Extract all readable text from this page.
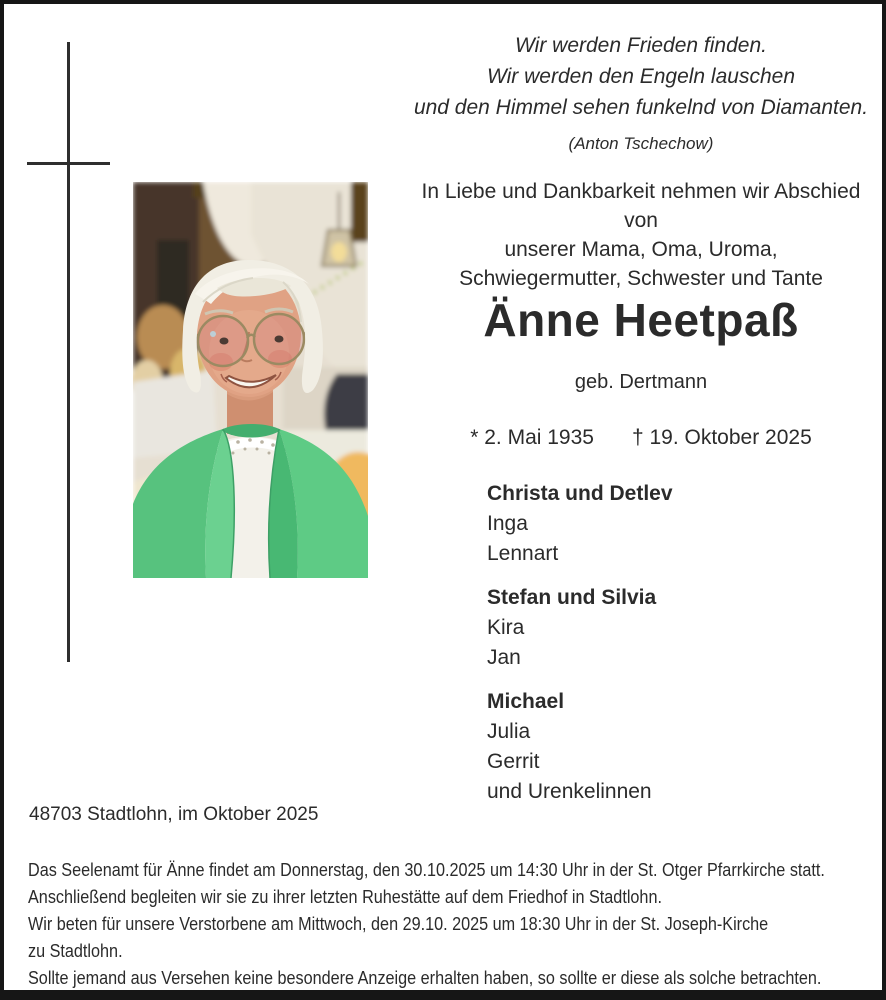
Wir werden Frieden finden.
Wir werden den Engeln lauschen
und den Himmel sehen funkelnd von Diamanten.
(Anton Tschechow)
In Liebe und Dankbarkeit nehmen wir Abschied von
unserer Mama, Oma, Uroma,
Schwiegermutter, Schwester und Tante
Änne Heetpaß
geb. Dertmann
* 2. Mai 1935 † 19. Oktober 2025
Christa und Detlev
Inga
Lennart
Stefan und Silvia
Kira
Jan
Michael
Julia
Gerrit
und Urenkelinnen
48703 Stadtlohn, im Oktober 2025
Das Seelenamt für Änne findet am Donnerstag, den 30.10.2025 um 14:30 Uhr in der St. Otger Pfarrkirche statt.
Anschließend begleiten wir sie zu ihrer letzten Ruhestätte auf dem Friedhof in Stadtlohn.
Wir beten für unsere Verstorbene am Mittwoch, den 29.10. 2025 um 18:30 Uhr in der St. Joseph-Kirche
zu Stadtlohn.
Sollte jemand aus Versehen keine besondere Anzeige erhalten haben, so sollte er diese als solche betrachten.
